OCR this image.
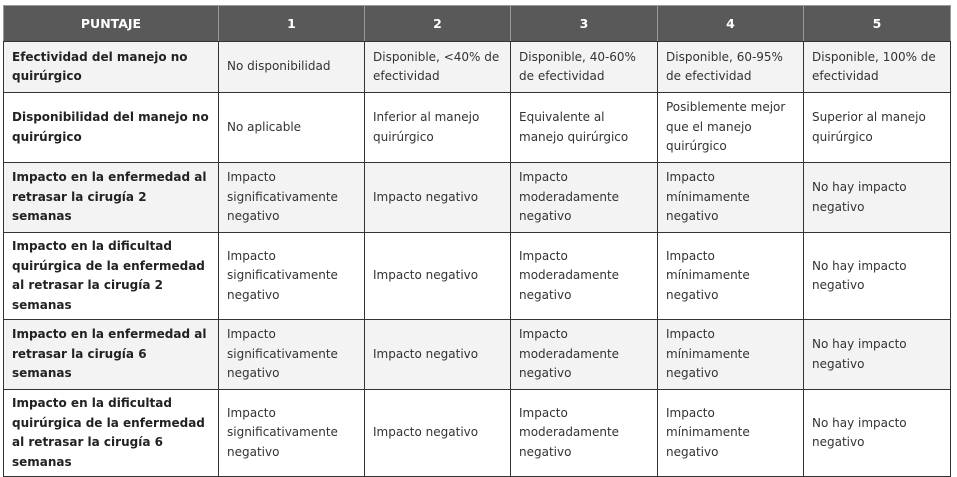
PUNTAJE	1	2	3	4	5
Efectividad del manejo no quirúrgico	No disponibilidad	Disponible, <40% de efectividad	Disponible, 40-60% de efectividad	Disponible, 60-95% de efectividad	Disponible, 100% de efectividad
Disponibilidad del manejo no quirúrgico	No aplicable	Inferior al manejo quirúrgico	Equivalente al manejo quirúrgico	Posiblemente mejor que el manejo quirúrgico	Superior al manejo quirúrgico
Impacto en la enfermedad al retrasar la cirugía 2 semanas	Impacto significativamente negativo	Impacto negativo	Impacto moderadamente negativo	Impacto mínimamente negativo	No hay impacto negativo
Impacto en la dificultad quirúrgica de la enfermedad al retrasar la cirugía 2 semanas	Impacto significativamente negativo	Impacto negativo	Impacto moderadamente negativo	Impacto mínimamente negativo	No hay impacto negativo
Impacto en la enfermedad al retrasar la cirugía 6 semanas	Impacto significativamente negativo	Impacto negativo	Impacto moderadamente negativo	Impacto mínimamente negativo	No hay impacto negativo
Impacto en la dificultad quirúrgica de la enfermedad al retrasar la cirugía 6 semanas	Impacto significativamente negativo	Impacto negativo	Impacto moderadamente negativo	Impacto mínimamente negativo	No hay impacto negativo
